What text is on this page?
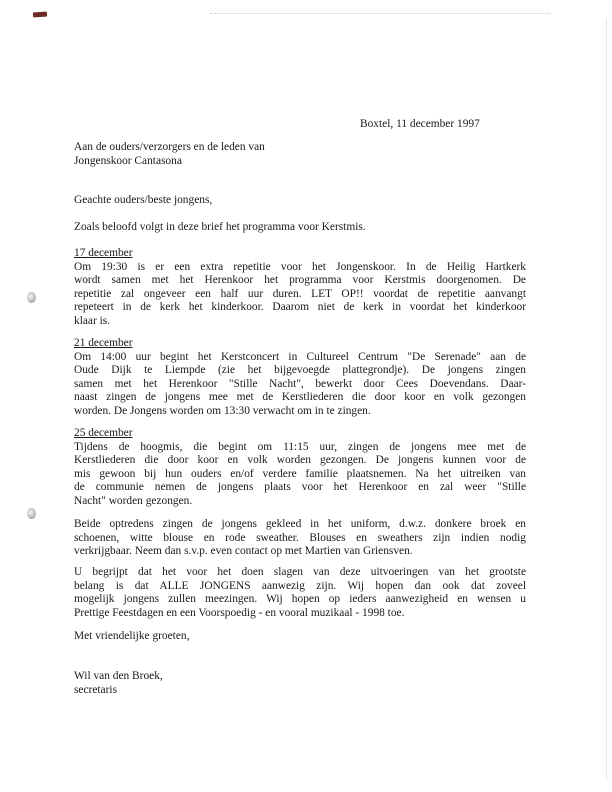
Boxtel, 11 december 1997
Aan de ouders/verzorgers en de leden van
Jongenskoor Cantasona
Geachte ouders/beste jongens,
Zoals beloofd volgt in deze brief het programma voor Kerstmis.
17 december
Om 19:30 is er een extra repetitie voor het Jongenskoor. In de Heilig Hartkerk
wordt samen met het Herenkoor het programma voor Kerstmis doorgenomen. De
repetitie zal ongeveer een half uur duren. LET OP!! voordat de repetitie aanvangt
repeteert in de kerk het kinderkoor. Daarom niet de kerk in voordat het kinderkoor
klaar is.
21 december
Om 14:00 uur begint het Kerstconcert in Cultureel Centrum "De Serenade" aan de
Oude Dijk te Liempde (zie het bijgevoegde plattegrondje). De jongens zingen
samen met het Herenkoor "Stille Nacht", bewerkt door Cees Doevendans. Daar-
naast zingen de jongens mee met de Kerstliederen die door koor en volk gezongen
worden. De Jongens worden om 13:30 verwacht om in te zingen.
25 december
Tijdens de hoogmis, die begint om 11:15 uur, zingen de jongens mee met de
Kerstliederen die door koor en volk worden gezongen. De jongens kunnen voor de
mis gewoon bij hun ouders en/of verdere familie plaatsnemen. Na het uitreiken van
de communie nemen de jongens plaats voor het Herenkoor en zal weer "Stille
Nacht" worden gezongen.
Beide optredens zingen de jongens gekleed in het uniform, d.w.z. donkere broek en
schoenen, witte blouse en rode sweather. Blouses en sweathers zijn indien nodig
verkrijgbaar. Neem dan s.v.p. even contact op met Martien van Griensven.
U begrijpt dat het voor het doen slagen van deze uitvoeringen van het grootste
belang is dat ALLE JONGENS aanwezig zijn. Wij hopen dan ook dat zoveel
mogelijk jongens zullen meezingen. Wij hopen op ieders aanwezigheid en wensen u
Prettige Feestdagen en een Voorspoedig - en vooral muzikaal - 1998 toe.
Met vriendelijke groeten,
Wil van den Broek,
secretaris
